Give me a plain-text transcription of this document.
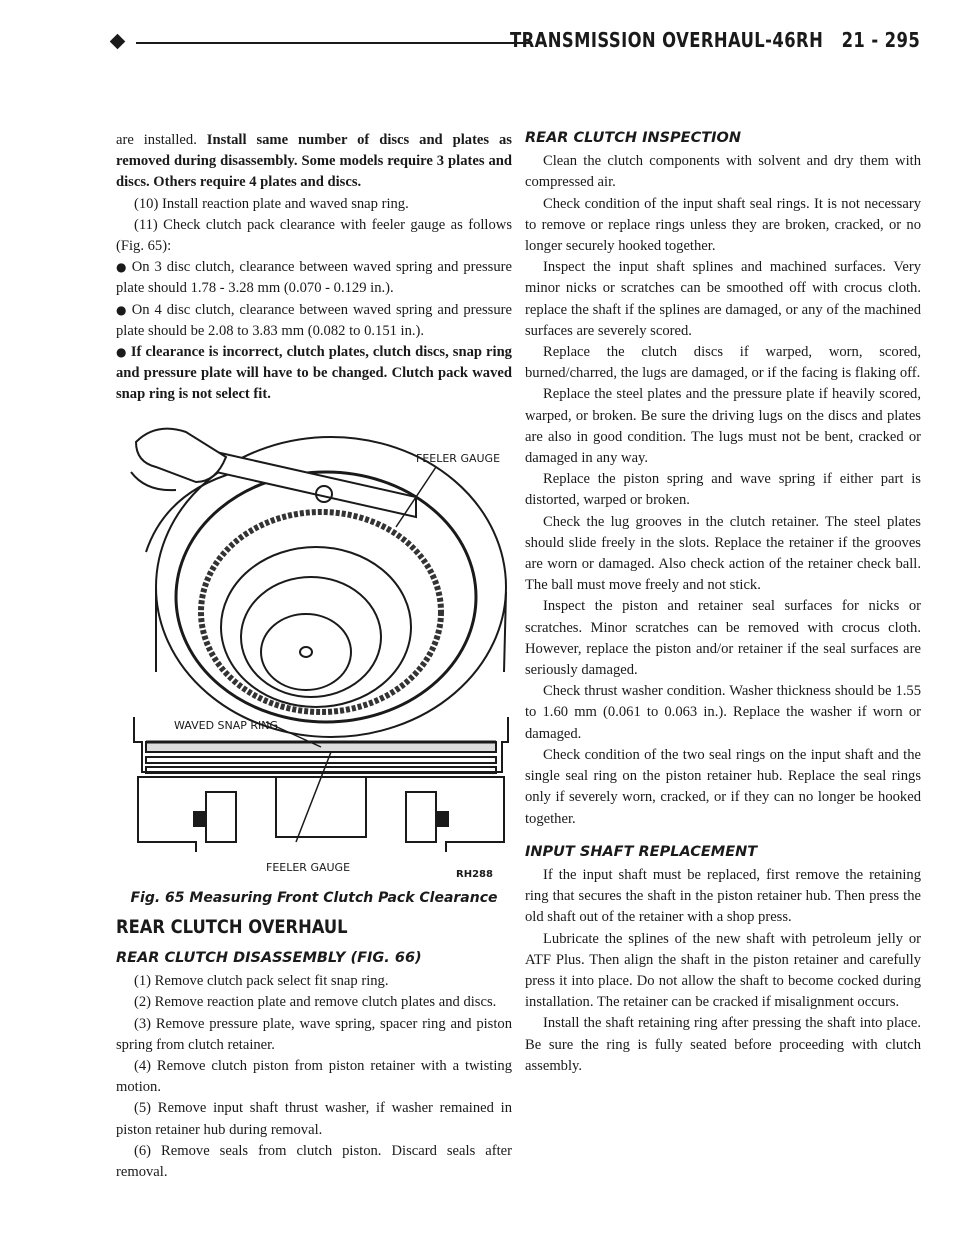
TRANSMISSION OVERHAUL-46RH 21 - 295

are installed. Install same number of discs and plates as removed during disassembly. Some models require 3 plates and discs. Others require 4 plates and discs.

(10) Install reaction plate and waved snap ring.

(11) Check clutch pack clearance with feeler gauge as follows (Fig. 65):

● On 3 disc clutch, clearance between waved spring and pressure plate should 1.78 - 3.28 mm (0.070 - 0.129 in.).

● On 4 disc clutch, clearance between waved spring and pressure plate should be 2.08 to 3.83 mm (0.082 to 0.151 in.).

● If clearance is incorrect, clutch plates, clutch discs, snap ring and pressure plate will have to be changed. Clutch pack waved snap ring is not select fit.

FEELER GAUGE
WAVED SNAP RING
FEELER GAUGE
RH288
Fig. 65 Measuring Front Clutch Pack Clearance
REAR CLUTCH OVERHAUL
REAR CLUTCH DISASSEMBLY (FIG. 66)

(1) Remove clutch pack select fit snap ring.

(2) Remove reaction plate and remove clutch plates and discs.

(3) Remove pressure plate, wave spring, spacer ring and piston spring from clutch retainer.

(4) Remove clutch piston from piston retainer with a twisting motion.

(5) Remove input shaft thrust washer, if washer remained in piston retainer hub during removal.

(6) Remove seals from clutch piston. Discard seals after removal.

REAR CLUTCH INSPECTION

Clean the clutch components with solvent and dry them with compressed air.

Check condition of the input shaft seal rings. It is not necessary to remove or replace rings unless they are broken, cracked, or no longer securely hooked together.

Inspect the input shaft splines and machined surfaces. Very minor nicks or scratches can be smoothed off with crocus cloth. replace the shaft if the splines are damaged, or any of the machined surfaces are severely scored.

Replace the clutch discs if warped, worn, scored, burned/charred, the lugs are damaged, or if the facing is flaking off.

Replace the steel plates and the pressure plate if heavily scored, warped, or broken. Be sure the driving lugs on the discs and plates are also in good condition. The lugs must not be bent, cracked or damaged in any way.

Replace the piston spring and wave spring if either part is distorted, warped or broken.

Check the lug grooves in the clutch retainer. The steel plates should slide freely in the slots. Replace the retainer if the grooves are worn or damaged. Also check action of the retainer check ball. The ball must move freely and not stick.

Inspect the piston and retainer seal surfaces for nicks or scratches. Minor scratches can be removed with crocus cloth. However, replace the piston and/or retainer if the seal surfaces are seriously damaged.

Check thrust washer condition. Washer thickness should be 1.55 to 1.60 mm (0.061 to 0.063 in.). Replace the washer if worn or damaged.

Check condition of the two seal rings on the input shaft and the single seal ring on the piston retainer hub. Replace the seal rings only if severely worn, cracked, or if they can no longer be hooked together.

INPUT SHAFT REPLACEMENT

If the input shaft must be replaced, first remove the retaining ring that secures the shaft in the piston retainer hub. Then press the old shaft out of the retainer with a shop press.

Lubricate the splines of the new shaft with petroleum jelly or ATF Plus. Then align the shaft in the piston retainer and carefully press it into place. Do not allow the shaft to become cocked during installation. The retainer can be cracked if misalignment occurs.

Install the shaft retaining ring after pressing the shaft into place. Be sure the ring is fully seated before proceeding with clutch assembly.
